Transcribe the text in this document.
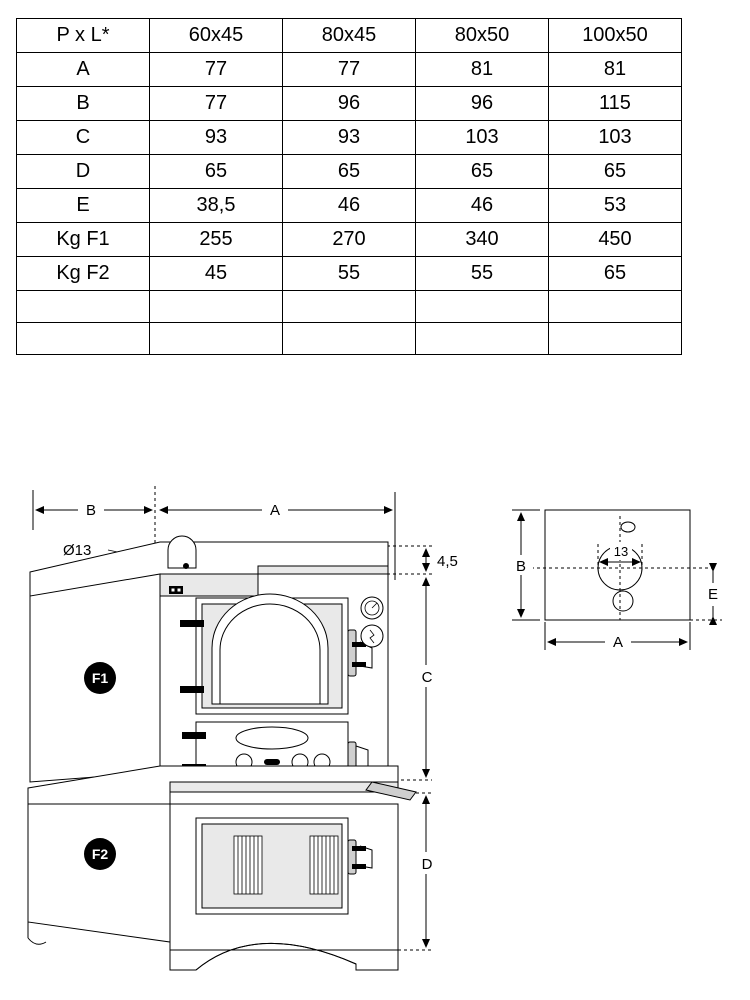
P x L*	60x45	80x45	80x50	100x50
A	77	77	81	81
B	77	96	96	115
C	93	93	103	103
D	65	65	65	65
E	38,5	46	46	53
Kg F1	255	270	340	450
Kg F2	45	55	55	65

B	A
Ø13
4,5
C
D
F1
F2
B
13
E
A
